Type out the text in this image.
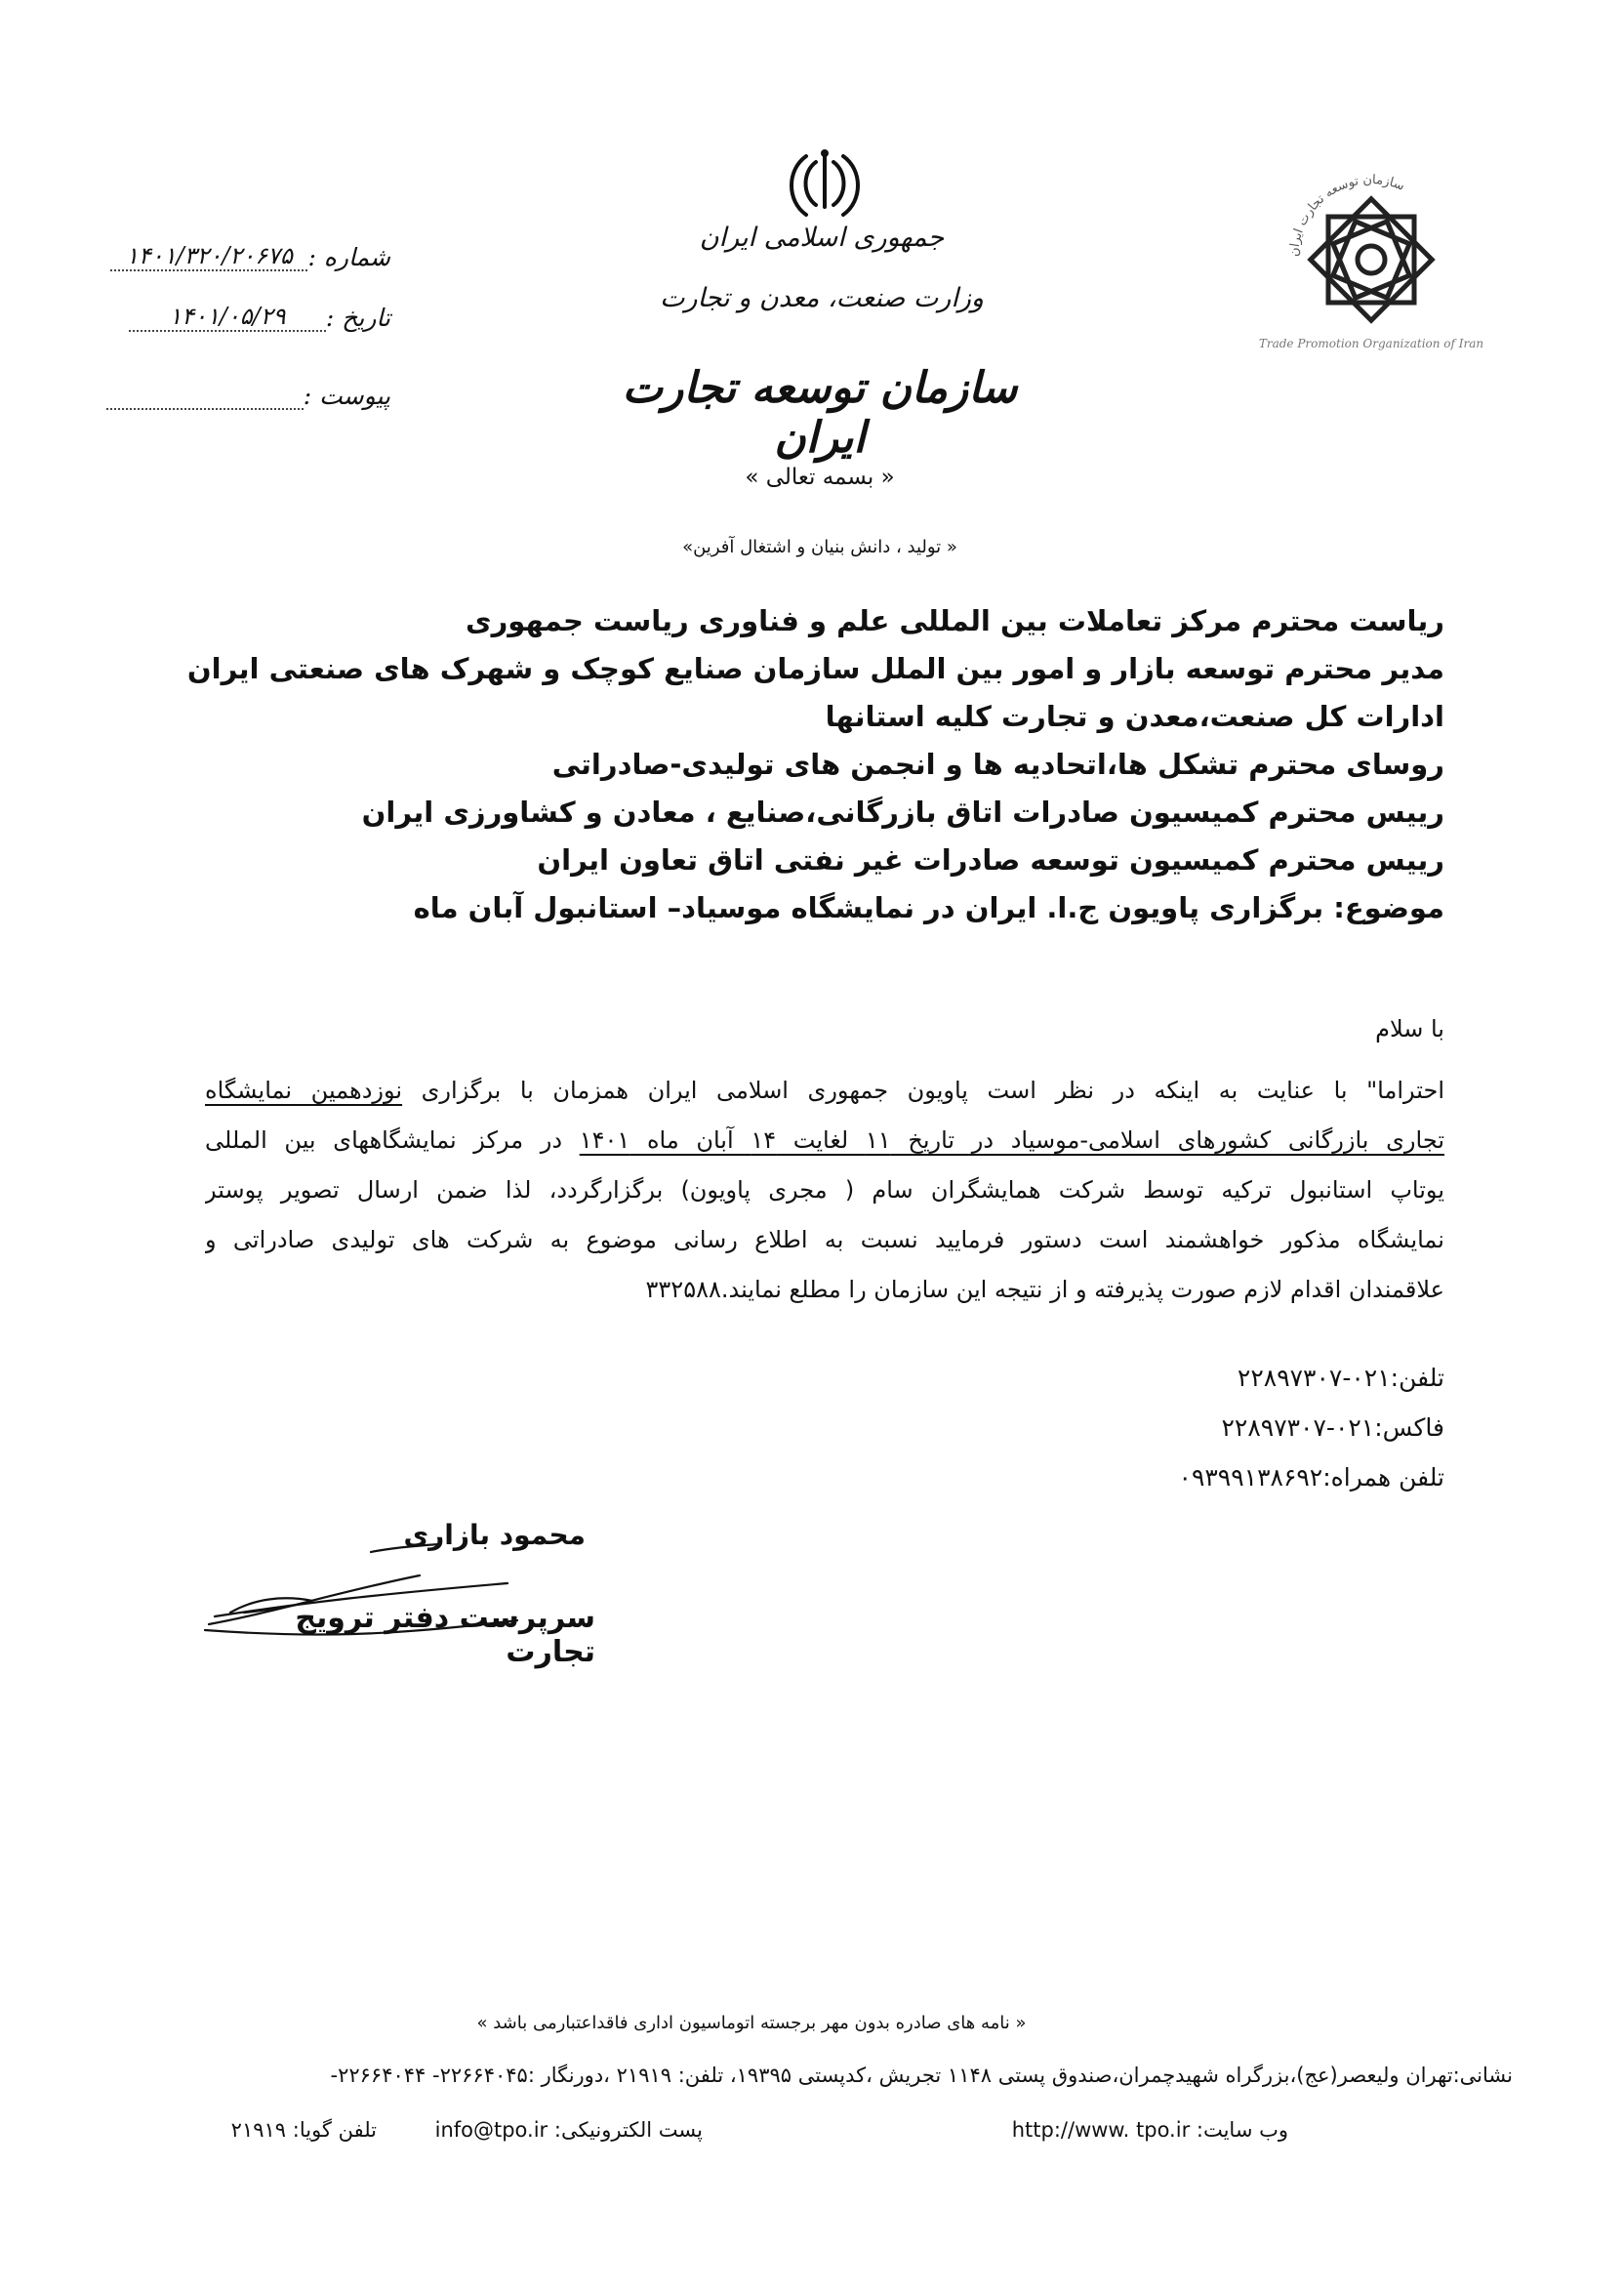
جمهوری اسلامی ایران
وزارت صنعت، معدن و تجارت
سازمان توسعه تجارت ایران
« بسمه تعالی »
« تولید ، دانش بنیان و اشتغال آفرین»
سازمان توسعه تجارت ایران
Trade Promotion Organization of Iran
شماره :
۱۴۰۱/۳۲۰/۲۰۶۷۵
تاریخ :
۱۴۰۱/۰۵/۲۹
پیوست :
ریاست محترم مرکز تعاملات بین المللی علم و فناوری ریاست جمهوری
مدیر محترم توسعه بازار و امور بین الملل سازمان صنایع کوچک و شهرک های صنعتی ایران
ادارات کل صنعت،معدن و تجارت کلیه استانها
روسای محترم تشکل ها،اتحادیه ها و انجمن های تولیدی-صادراتی
رییس محترم کمیسیون صادرات اتاق بازرگانی،صنایع ، معادن و کشاورزی ایران
رییس محترم کمیسیون توسعه صادرات غیر نفتی اتاق تعاون ایران
موضوع: برگزاری پاویون ج.ا. ایران در نمایشگاه موسیاد– استانبول آبان ماه
با سلام
احتراما" با عنایت به اینکه در نظر است پاویون جمهوری اسلامی ایران همزمان با برگزاری نوزدهمین نمایشگاه
تجاری بازرگانی کشورهای اسلامی-موسیاد در تاریخ ۱۱ لغایت ۱۴ آبان ماه ۱۴۰۱ در مرکز نمایشگاههای بین المللی
یوتاپ استانبول ترکیه توسط شرکت همایشگران سام ( مجری پاویون) برگزارگردد، لذا ضمن ارسال تصویر پوستر
نمایشگاه مذکور خواهشمند است دستور فرمایید نسبت به اطلاع رسانی موضوع به شرکت های تولیدی صادراتی و
علاقمندان اقدام لازم صورت پذیرفته و از نتیجه این سازمان را مطلع نمایند.۳۳۲۵۸۸
تلفن:۰۲۱-۲۲۸۹۷۳۰۷
فاکس:۰۲۱-۲۲۸۹۷۳۰۷
تلفن همراه:۰۹۳۹۹۱۳۸۶۹۲
محمود بازاری
سرپرست دفتر ترویج تجارت
« نامه های صادره بدون مهر برجسته اتوماسیون اداری فاقداعتبارمی باشد »
نشانی:تهران ولیعصر(عج)،بزرگراه شهیدچمران،صندوق پستی ۱۱۴۸ تجریش ،کدپستی ۱۹۳۹۵، تلفن: ۲۱۹۱۹ ،دورنگار :۲۲۶۶۴۰۴۵- ۲۲۶۶۴۰۴۴-
وب سایت: http://www. tpo.ir
پست الکترونیکی: info@tpo.ir
تلفن گویا: ۲۱۹۱۹
